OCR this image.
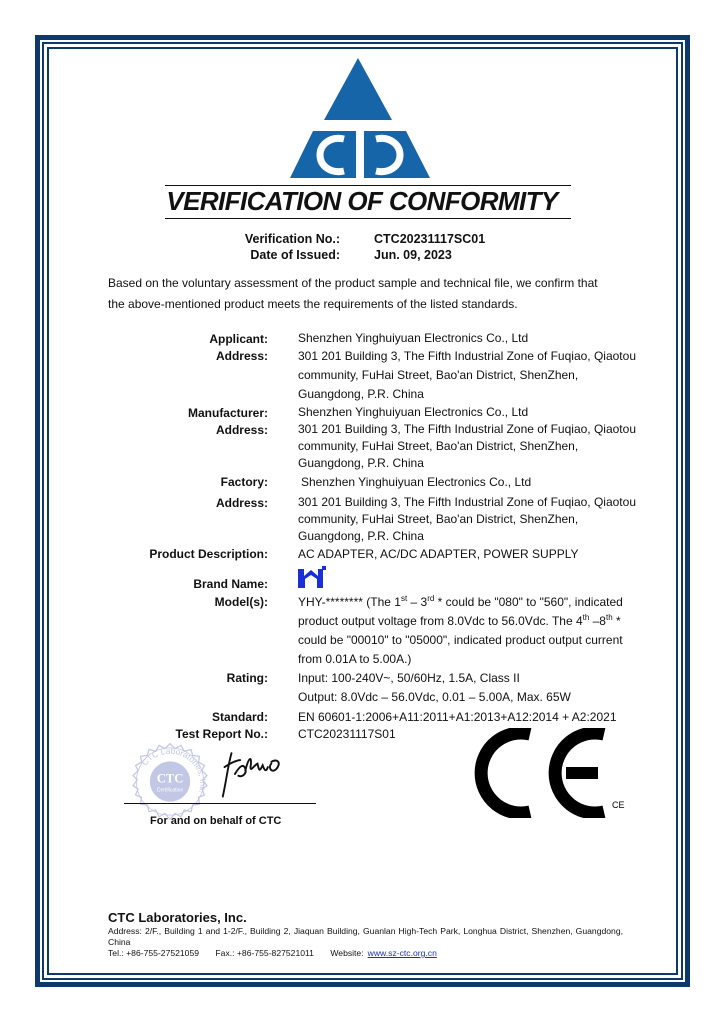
VERIFICATION OF CONFORMITY
Verification No.:	CTC20231117SC01
Date of Issued:	Jun. 09, 2023
Based on the voluntary assessment of the product sample and technical file, we confirm that
the above-mentioned product meets the requirements of the listed standards.
Applicant:	Shenzhen Yinghuiyuan Electronics Co., Ltd
Address:	301 201 Building 3, The Fifth Industrial Zone of Fuqiao, Qiaotou
community, FuHai Street, Bao'an District, ShenZhen,
Guangdong, P.R. China
Manufacturer:	Shenzhen Yinghuiyuan Electronics Co., Ltd
Address:	301 201 Building 3, The Fifth Industrial Zone of Fuqiao, Qiaotou
community, FuHai Street, Bao'an District, ShenZhen,
Guangdong, P.R. China
Factory:	Shenzhen Yinghuiyuan Electronics Co., Ltd
Address:	301 201 Building 3, The Fifth Industrial Zone of Fuqiao, Qiaotou
community, FuHai Street, Bao'an District, ShenZhen,
Guangdong, P.R. China
Product Description:	AC ADAPTER, AC/DC ADAPTER, POWER SUPPLY
Brand Name:
Model(s):	YHY-******** (The 1st – 3rd * could be "080" to "560", indicated
product output voltage from 8.0Vdc to 56.0Vdc. The 4th –8th *
could be "00010" to "05000", indicated product output current
from 0.01A to 5.00A.)
Rating:	Input: 100-240V~, 50/60Hz, 1.5A, Class II
Output: 8.0Vdc – 56.0Vdc, 0.01 – 5.00A, Max. 65W
Standard:	EN 60601-1:2006+A11:2011+A1:2013+A12:2014 + A2:2021
Test Report No.:	CTC20231117S01
CTC Laboratories, Inc.
CTC
Certification
For and on behalf of CTC
CE
CTC Laboratories, Inc.
Address: 2/F., Building 1 and 1-2/F., Building 2, Jiaquan Building, Guanlan High-Tech Park, Longhua District, Shenzhen, Guangdong, China
Tel.: +86-755-27521059 Fax.: +86-755-827521011 Website: www.sz-ctc.org.cn
